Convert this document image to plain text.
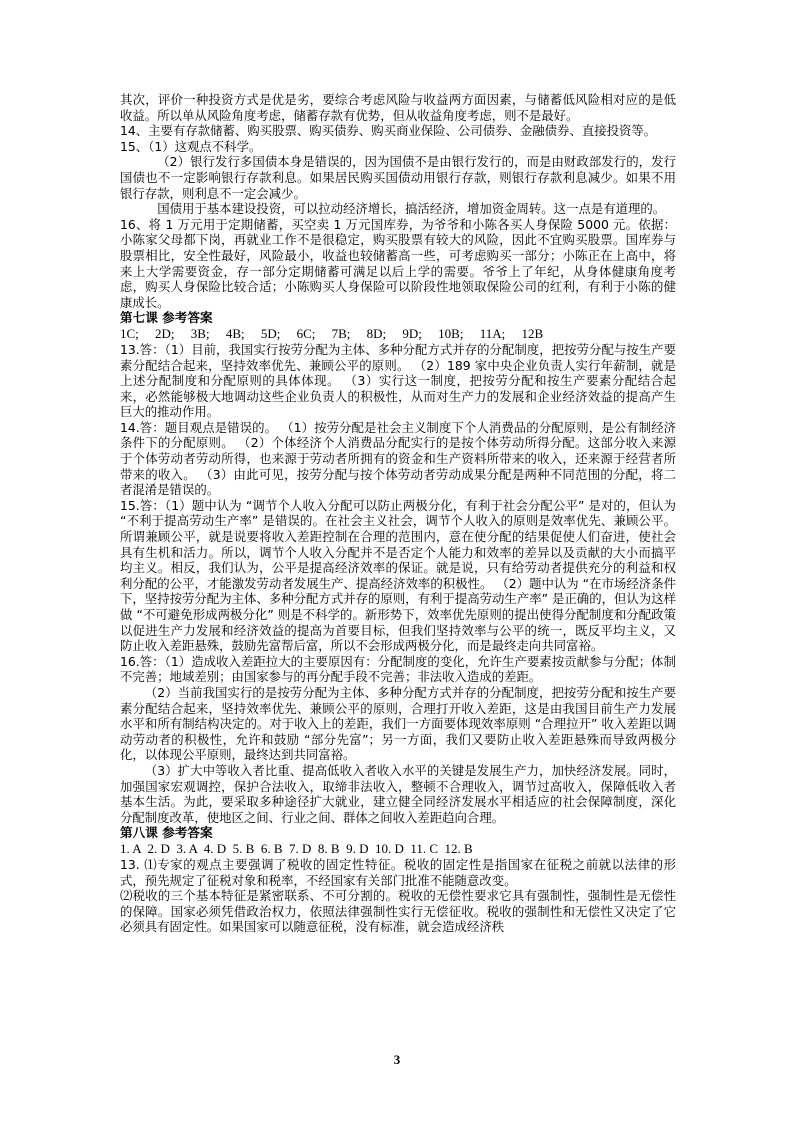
其次，评价一种投资方式是优是劣，要综合考虑风险与收益两方面因素，与储蓄低风险相对应的是低收益。所以单从风险角度考虑，储蓄存款有优势，但从收益角度考虑，则不是最好。

14、主要有存款储蓄、购买股票、购买债券、购买商业保险、公司债券、金融债券、直接投资等。

15、（1）这观点不科学。

（2）银行发行多国债本身是错误的，因为国债不是由银行发行的，而是由财政部发行的，发行国债也不一定影响银行存款利息。如果居民购买国债动用银行存款，则银行存款利息减少。如果不用银行存款，则利息不一定会减少。

国债用于基本建设投资，可以拉动经济增长，搞活经济，增加资金周转。这一点是有道理的。

16、将 1 万元用于定期储蓄，买空卖 1 万元国库券，为爷爷和小陈各买人身保险 5000 元。依据：小陈家父母都下岗，再就业工作不是很稳定，购买股票有较大的风险，因此不宜购买股票。国库券与股票相比，安全性最好，风险最小，收益也较储蓄高一些，可考虑购买一部分；小陈正在上高中，将来上大学需要资金，存一部分定期储蓄可满足以后上学的需要。爷爷上了年纪，从身体健康角度考虑，购买人身保险比较合适；小陈购买人身保险可以阶段性地领取保险公司的红利，有利于小陈的健康成长。

第七课 参考答案

1C;     2D;     3B;     4B;     5D;     6C;     7B;     8D;     9D;     10B;     11A;     12B

13.答：（1）目前，我国实行按劳分配为主体、多种分配方式并存的分配制度，把按劳分配与按生产要素分配结合起来，坚持效率优先、兼顾公平的原则。 （2）189 家中央企业负责人实行年薪制，就是上述分配制度和分配原则的具体体现。 （3）实行这一制度，把按劳分配和按生产要素分配结合起来，必然能够极大地调动这些企业负责人的积极性，从而对生产力的发展和企业经济效益的提高产生巨大的推动作用。

14.答：题目观点是错误的。 （1）按劳分配是社会主义制度下个人消费品的分配原则，是公有制经济条件下的分配原则。 （2）个体经济个人消费品分配实行的是按个体劳动所得分配。这部分收入来源于个体劳动者劳动所得，也来源于劳动者所拥有的资金和生产资料所带来的收入，还来源于经营者所带来的收入。 （3）由此可见，按劳分配与按个体劳动者劳动成果分配是两种不同范围的分配，将二者混淆是错误的。

15.答：（1）题中认为 “调节个人收入分配可以防止两极分化，有利于社会分配公平” 是对的，但认为 “不利于提高劳动生产率” 是错误的。在社会主义社会，调节个人收入的原则是效率优先、兼顾公平。所谓兼顾公平，就是说要将收入差距控制在合理的范围内，意在使分配的结果促使人们奋进，使社会具有生机和活力。所以，调节个人收入分配并不是否定个人能力和效率的差异以及贡献的大小而搞平均主义。相反，我们认为，公平是提高经济效率的保证。就是说，只有给劳动者提供充分的利益和权利分配的公平，才能激发劳动者发展生产、提高经济效率的积极性。 （2）题中认为 “在市场经济条件下，坚持按劳分配为主体、多种分配方式并存的原则，有利于提高劳动生产率” 是正确的，但认为这样做 “不可避免形成两极分化” 则是不科学的。新形势下，效率优先原则的提出使得分配制度和分配政策以促进生产力发展和经济效益的提高为首要目标，但我们坚持效率与公平的统一，既反平均主义，又防止收入差距悬殊，鼓励先富帮后富，所以不会形成两极分化，而是最终走向共同富裕。

16.答：（1）造成收入差距拉大的主要原因有：分配制度的变化，允许生产要素按贡献参与分配；体制不完善；地域差别；由国家参与的再分配手段不完善；非法收入造成的差距。

（2）当前我国实行的是按劳分配为主体、多种分配方式并存的分配制度，把按劳分配和按生产要素分配结合起来，坚持效率优先、兼顾公平的原则，合理打开收入差距，这是由我国目前生产力发展水平和所有制结构决定的。对于收入上的差距，我们一方面要体现效率原则 “合理拉开” 收入差距以调动劳动者的积极性，允许和鼓励 “部分先富”；另一方面，我们又要防止收入差距悬殊而导致两极分化，以体现公平原则，最终达到共同富裕。

（3）扩大中等收入者比重、提高低收入者收入水平的关键是发展生产力，加快经济发展。同时，加强国家宏观调控，保护合法收入，取缔非法收入，整顿不合理收入，调节过高收入，保障低收入者基本生活。为此，要采取多种途径扩大就业，建立健全同经济发展水平相适应的社会保障制度，深化分配制度改革，使地区之间、行业之间、群体之间收入差距趋向合理。

第八课 参考答案

1. A  2. D  3. A  4. D  5. B  6. B  7. D  8. B  9. D  10. D  11. C  12. B

13. ⑴专家的观点主要强调了税收的固定性特征。税收的固定性是指国家在征税之前就以法律的形式，预先规定了征税对象和税率，不经国家有关部门批准不能随意改变。

⑵税收的三个基本特征是紧密联系、不可分割的。税收的无偿性要求它具有强制性，强制性是无偿性的保障。国家必须凭借政治权力，依照法律强制性实行无偿征收。税收的强制性和无偿性又决定了它必须具有固定性。如果国家可以随意征税，没有标准，就会造成经济秩

3
